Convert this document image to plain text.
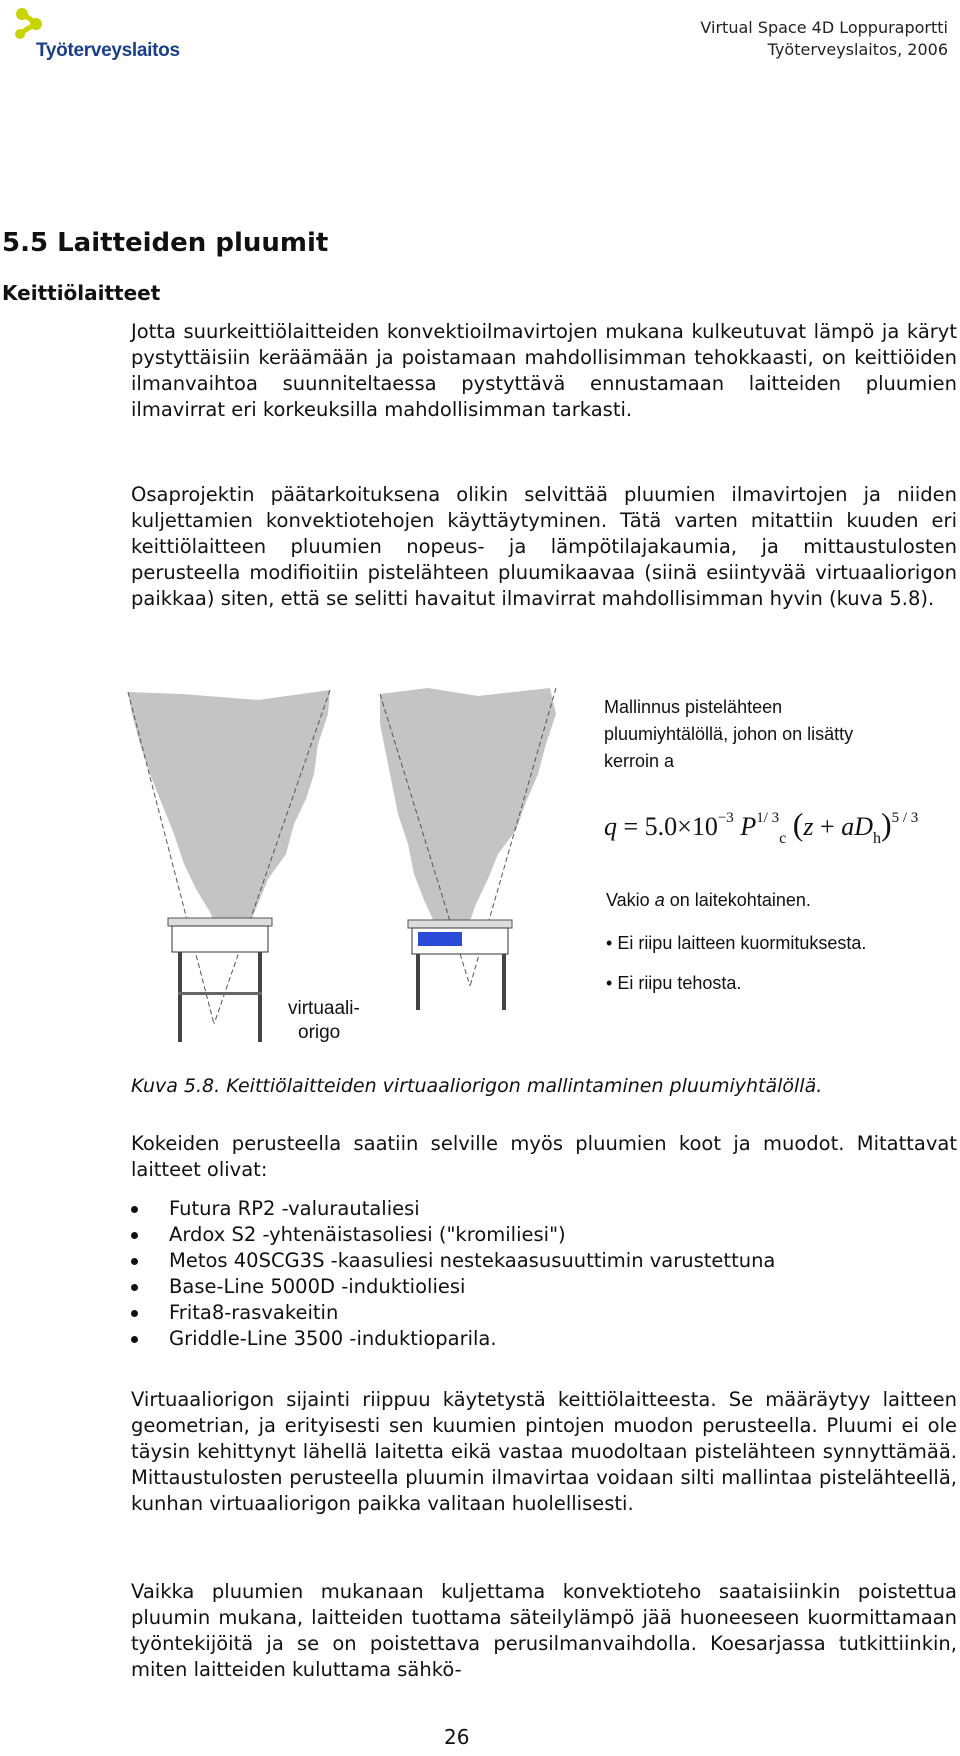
Työterveyslaitos
Virtual Space 4D Loppuraportti
Työterveyslaitos, 2006
5.5 Laitteiden pluumit
Keittiölaitteet

Jotta suurkeittiölaitteiden konvektioilmavirtojen mukana kulkeutuvat lämpö ja käryt pystyttäisiin keräämään ja poistamaan mahdollisimman tehokkaasti, on keittiöiden ilmanvaihtoa suunniteltaessa pystyttävä ennustamaan laitteiden pluumien ilmavirrat eri korkeuksilla mahdollisimman tarkasti.

Osaprojektin päätarkoituksena olikin selvittää pluumien ilmavirtojen ja niiden kuljettamien konvektiotehojen käyttäytyminen. Tätä varten mitattiin kuuden eri keittiölaitteen pluumien nopeus- ja lämpötilajakaumia, ja mittaustulosten perusteella modifioitiin pistelähteen pluumikaavaa (siinä esiintyvää virtuaaliorigon paikkaa) siten, että se selitti havaitut ilmavirrat mahdollisimman hyvin (kuva 5.8).

virtuaali-
origo
Mallinnus pistelähteen pluumiyhtälöllä, johon on lisätty kerroin a
$q = 5.0\times 10^{-3}$ $P^{1/ 3}_c$ $(z + aD_h)^{5 / 3}$
Vakio a on laitekohtainen.
• Ei riipu laitteen kuormituksesta.
• Ei riipu tehosta.
Kuva 5.8. Keittiölaitteiden virtuaaliorigon mallintaminen pluumiyhtälöllä.

Kokeiden perusteella saatiin selville myös pluumien koot ja muodot. Mitattavat laitteet olivat:

Futura RP2 -valurautaliesi
Ardox S2 -yhtenäistasoliesi ("kromiliesi")
Metos 40SCG3S -kaasuliesi nestekaasusuuttimin varustettuna
Base-Line 5000D -induktioliesi
Frita8-rasvakeitin
Griddle-Line 3500 -induktioparila.

Virtuaaliorigon sijainti riippuu käytetystä keittiölaitteesta. Se määräytyy laitteen geometrian, ja erityisesti sen kuumien pintojen muodon perusteella. Pluumi ei ole täysin kehittynyt lähellä laitetta eikä vastaa muodoltaan pistelähteen synnyttämää. Mittaustulosten perusteella pluumin ilmavirtaa voidaan silti mallintaa pistelähteellä, kunhan virtuaaliorigon paikka valitaan huolellisesti.

Vaikka pluumien mukanaan kuljettama konvektioteho saataisiinkin poistettua pluumin mukana, laitteiden tuottama säteilylämpö jää huoneeseen kuormittamaan työntekijöitä ja se on poistettava perusilmanvaihdolla. Koesarjassa tutkittiinkin, miten laitteiden kuluttama sähkö-

26
